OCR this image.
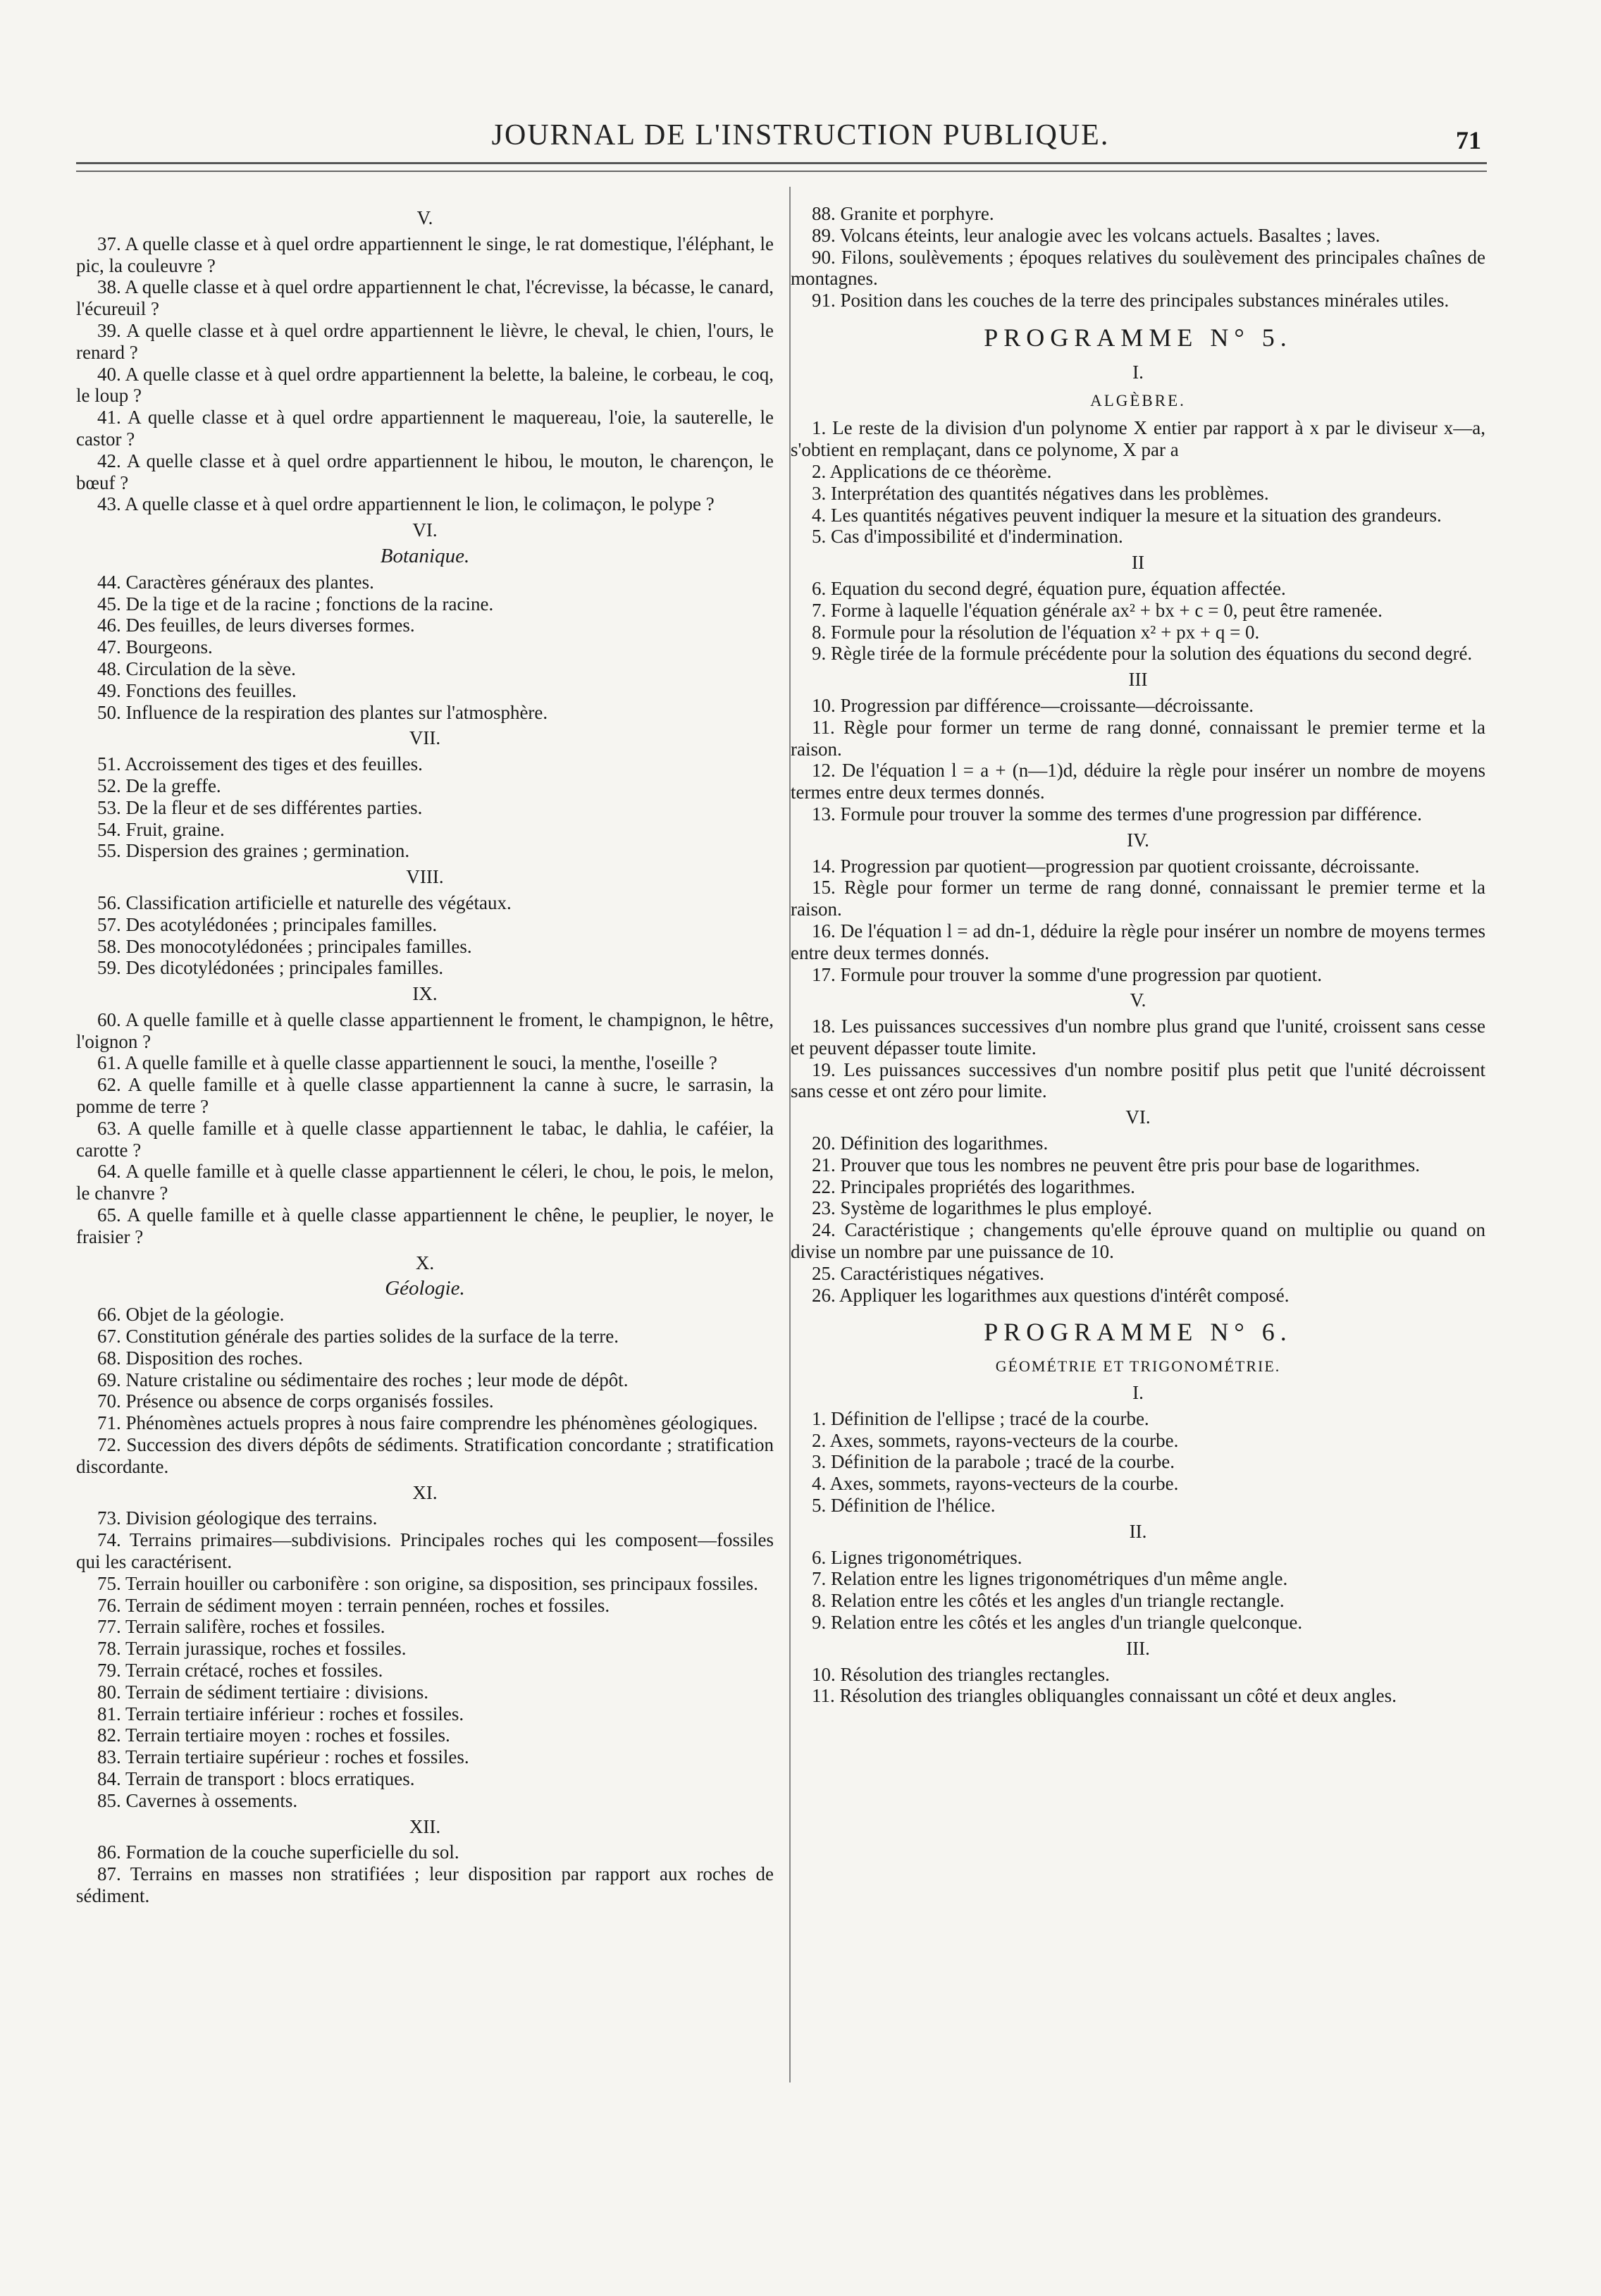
JOURNAL DE L'INSTRUCTION PUBLIQUE.	71

V.

37. A quelle classe et à quel ordre appartiennent le singe, le rat domestique, l'éléphant, le pic, la couleuvre ?

38. A quelle classe et à quel ordre appartiennent le chat, l'écrevisse, la bécasse, le canard, l'écureuil ?

39. A quelle classe et à quel ordre appartiennent le lièvre, le cheval, le chien, l'ours, le renard ?

40. A quelle classe et à quel ordre appartiennent la belette, la baleine, le corbeau, le coq, le loup ?

41. A quelle classe et à quel ordre appartiennent le maquereau, l'oie, la sauterelle, le castor ?

42. A quelle classe et à quel ordre appartiennent le hibou, le mouton, le charençon, le bœuf ?

43. A quelle classe et à quel ordre appartiennent le lion, le colimaçon, le polype ?

VI.

Botanique.

44. Caractères généraux des plantes.

45. De la tige et de la racine ; fonctions de la racine.

46. Des feuilles, de leurs diverses formes.

47. Bourgeons.

48. Circulation de la sève.

49. Fonctions des feuilles.

50. Influence de la respiration des plantes sur l'atmosphère.

VII.

51. Accroissement des tiges et des feuilles.

52. De la greffe.

53. De la fleur et de ses différentes parties.

54. Fruit, graine.

55. Dispersion des graines ; germination.

VIII.

56. Classification artificielle et naturelle des végétaux.

57. Des acotylédonées ; principales familles.

58. Des monocotylédonées ; principales familles.

59. Des dicotylédonées ; principales familles.

IX.

60. A quelle famille et à quelle classe appartiennent le froment, le champignon, le hêtre, l'oignon ?

61. A quelle famille et à quelle classe appartiennent le souci, la menthe, l'oseille ?

62. A quelle famille et à quelle classe appartiennent la canne à sucre, le sarrasin, la pomme de terre ?

63. A quelle famille et à quelle classe appartiennent le tabac, le dahlia, le caféier, la carotte ?

64. A quelle famille et à quelle classe appartiennent le céleri, le chou, le pois, le melon, le chanvre ?

65. A quelle famille et à quelle classe appartiennent le chêne, le peuplier, le noyer, le fraisier ?

X.

Géologie.

66. Objet de la géologie.

67. Constitution générale des parties solides de la surface de la terre.

68. Disposition des roches.

69. Nature cristaline ou sédimentaire des roches ; leur mode de dépôt.

70. Présence ou absence de corps organisés fossiles.

71. Phénomènes actuels propres à nous faire comprendre les phénomènes géologiques.

72. Succession des divers dépôts de sédiments. Stratification concordante ; stratification discordante.

XI.

73. Division géologique des terrains.

74. Terrains primaires—subdivisions. Principales roches qui les composent—fossiles qui les caractérisent.

75. Terrain houiller ou carbonifère : son origine, sa disposition, ses principaux fossiles.

76. Terrain de sédiment moyen : terrain pennéen, roches et fossiles.

77. Terrain salifère, roches et fossiles.

78. Terrain jurassique, roches et fossiles.

79. Terrain crétacé, roches et fossiles.

80. Terrain de sédiment tertiaire : divisions.

81. Terrain tertiaire inférieur : roches et fossiles.

82. Terrain tertiaire moyen : roches et fossiles.

83. Terrain tertiaire supérieur : roches et fossiles.

84. Terrain de transport : blocs erratiques.

85. Cavernes à ossements.

XII.

86. Formation de la couche superficielle du sol.

87. Terrains en masses non stratifiées ; leur disposition par rapport aux roches de sédiment.

88. Granite et porphyre.

89. Volcans éteints, leur analogie avec les volcans actuels. Basaltes ; laves.

90. Filons, soulèvements ; époques relatives du soulèvement des principales chaînes de montagnes.

91. Position dans les couches de la terre des principales substances minérales utiles.

PROGRAMME N° 5.

I.

ALGÈBRE.

1. Le reste de la division d'un polynome X entier par rapport à x par le diviseur x—a, s'obtient en remplaçant, dans ce polynome, X par a

2. Applications de ce théorème.

3. Interprétation des quantités négatives dans les problèmes.

4. Les quantités négatives peuvent indiquer la mesure et la situation des grandeurs.

5. Cas d'impossibilité et d'indermination.

II

6. Equation du second degré, équation pure, équation affectée.

7. Forme à laquelle l'équation générale ax² + bx + c = 0, peut être ramenée.

8. Formule pour la résolution de l'équation x² + px + q = 0.

9. Règle tirée de la formule précédente pour la solution des équations du second degré.

III

10. Progression par différence—croissante—décroissante.

11. Règle pour former un terme de rang donné, connaissant le premier terme et la raison.

12. De l'équation l = a + (n—1)d, déduire la règle pour insérer un nombre de moyens termes entre deux termes donnés.

13. Formule pour trouver la somme des termes d'une progression par différence.

IV.

14. Progression par quotient—progression par quotient croissante, décroissante.

15. Règle pour former un terme de rang donné, connaissant le premier terme et la raison.

16. De l'équation l = ad dn-1, déduire la règle pour insérer un nombre de moyens termes entre deux termes donnés.

17. Formule pour trouver la somme d'une progression par quotient.

V.

18. Les puissances successives d'un nombre plus grand que l'unité, croissent sans cesse et peuvent dépasser toute limite.

19. Les puissances successives d'un nombre positif plus petit que l'unité décroissent sans cesse et ont zéro pour limite.

VI.

20. Définition des logarithmes.

21. Prouver que tous les nombres ne peuvent être pris pour base de logarithmes.

22. Principales propriétés des logarithmes.

23. Système de logarithmes le plus employé.

24. Caractéristique ; changements qu'elle éprouve quand on multiplie ou quand on divise un nombre par une puissance de 10.

25. Caractéristiques négatives.

26. Appliquer les logarithmes aux questions d'intérêt composé.

PROGRAMME N° 6.

GÉOMÉTRIE ET TRIGONOMÉTRIE.

I.

1. Définition de l'ellipse ; tracé de la courbe.

2. Axes, sommets, rayons-vecteurs de la courbe.

3. Définition de la parabole ; tracé de la courbe.

4. Axes, sommets, rayons-vecteurs de la courbe.

5. Définition de l'hélice.

II.

6. Lignes trigonométriques.

7. Relation entre les lignes trigonométriques d'un même angle.

8. Relation entre les côtés et les angles d'un triangle rectangle.

9. Relation entre les côtés et les angles d'un triangle quelconque.

III.

10. Résolution des triangles rectangles.

11. Résolution des triangles obliquangles connaissant un côté et deux angles.
